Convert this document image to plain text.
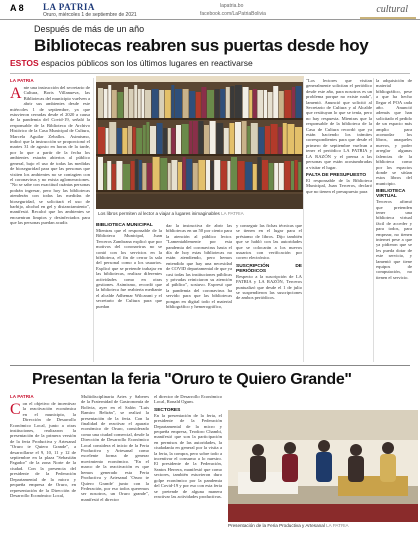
A 8 LA PATRIA
Oruro, miércoles 1 de septiembre de 2021
lapatria.bo
facebook.com/LaPatriaBolivia	cultural
Después de más de un año
Bibliotecas reabren sus puertas desde hoy
ESTOS espacios públicos son los últimos lugares en reactivarse
LA PATRIA
A nte una instrucción del secretario de Cultura, Boris Villanueva, las Bibliotecas del municipio vuelven a abrir sus ambientes desde este miércoles 1 de septiembre, ya que estuvieron cerradas desde el 2020 a causa de la pandemia del Covid-19, señaló la responsable de la Biblioteca de Archivo Histórico de la Casa Municipal de Cultura, Marcela Aguilar Zeballos. Asimismo, indicó que la instrucción se proporcionó el martes 31 de agosto en horas de la tarde, por lo que a partir de la fecha los ambientes estarán abiertos al público general, bajo el uso de todas las medidas de bioseguridad para que las personas que visiten los ambientes no se contagien con el coronavirus y no exista aglomeraciones. "No se sabe con exactitud cuántas personas podrán ingresar, pero hoy las bibliotecas atenderán con todas las medidas de bioseguridad, se solicitará el uso de barbijo, alcohol en gel y distanciamiento", manifestó. Recalcó que los ambientes se encuentran limpios y desinfectados para que las personas puedan acudir.
Los libros permiten al lector a viajar a lugares inimaginables LA PATRIA
BIBLIOTECA MUNICIPAL
Mientras que el responsable de la Biblioteca Municipal, Juan Terceros Zambrana explicó que por motivos del coronavirus no se contó con los servicios en la biblioteca, el fin de cerrar la sala del personal como a los usuarios. Explicó que se pretende trabajar en las bibliotecas, realizar diferentes actividades como en otras gestiones. Asimismo, recordó que la biblioteca fue reabierta mediante el alcalde Adhemar Wilcarani y el secretario de Cultura para que puedan
dar la instructiva de abrir las bibliotecas en un 50 por ciento para la atención al público lector. "Lamentablemente por esta pandemia del coronavirus hasta el día de hoy estas bibliotecas no están atendiendo, pero hemos entendido que hay una necesidad de COVID departamental de que ya casi todas las instituciones públicas y privadas reiniciaron su atención al público", sostuvo. Expresó que la pandemia del coronavirus ha servido para que las bibliotecas pongan en digital todo el material bibliográfico y hemerográfico,
y conseguir las fichas técnicas que se tienen en el lugar para el préstamo de libros. Dijo también que se habló con las autoridades que se colocarán a los nuevos usuarios con verificación por correo electrónico.
SUSCRIPCIÓN DE PERIÓDICOS
Respecto a la suscripción de LA PATRIA y LA RAZÓN, Terceros puntualizó que desde el 1 de julio se suspendieron las suscripciones de ambos periódicos.
"Los lectores que visitan generalmente solicitan el periódico desde este año, para nosotros es un problema porque no existe nada", lamentó. Anunció que solicitó al Secretario de Cultura y al Alcalde que restituyan lo que se tenía, pero no hay respuesta. Mientras que la responsable de la biblioteca de la Casa de Cultura recordó que ya están haciendo los trámites correspondientes para que desde el primero de septiembre vuelvan a tener el periódico LA PATRIA y LA RAZÓN y el prensa a las personas que están acostumbradas a visitar el lugar.
FALTA DE PRESUPUESTO
El responsable de la Biblioteca Municipal, Juan Terceros, declaró que no tienen el presupuesto para
la adquisición de material bibliográfico, pese a que ha hecho llegar el POA cada año. Anunció además que han solicitado el pedido de un espacio más amplio para acomodar los libros, anaqueles nuevos, y poder arreglar algunas falencias de la biblioteca como por los espacios donde se sitúan estos libros del municipio.
BIBLIOTECA VIRTUAL
Terceros afirmó que pretenden tener una biblioteca virtual fácil de acceder y para todos, para empezar, no tienen internet pese a que ya pidieron que se les pueda dotar de este servicio, y lamentó que tiene equipos de computación, no tienen el servicio.
Presentan la feria "Oruro te Quiero Grande"
LA PATRIA
C on el objetivo de incentivar la reactivación económica en el municipio, la Dirección de Desarrollo Económico Local, junto a otras instituciones, realizaron la presentación de la primera versión de la feria Productiva y Artesanal "Oruro te Quiero Grande", a desarrollarse el 9, 10, 11 y 12 de septiembre en la plaza "Sebastián Pagador" de la zona Norte de la ciudad. Con la presencia del presidente de la Federación Departamental de la micro y pequeña empresa de Oruro, en representación de la Dirección de Desarrollo Económico Local,
Multidisciplinaria Artes y Saberes de la Fraternidad de Gastronomía de Bolivia, ayer en el Salón "Luis Ramiro Beltrán", se realizó la presentación de la feria. Con la finalidad de reactivar el aparato económico de Oruro, considerado como una ciudad comercial, desde la Dirección de Desarrollo Económico Local considera el inicio de la Feria Productiva y Artesanal como excelente forma de generar movimiento económico. "En el marco de la reactivación es que hemos generado esta Feria Productiva y Artesanal 'Oruro te Quiero Grande' junto con la Federación, por eso todos queremos ser nosotros, un Oruro grande", manifestó el director
el director de Desarrollo Económico Local, Ronald Ogum.
SECTORES
En la presentación de la feria, el presidente de la Federación Departamental de la micro y pequeña empresa, Teodoro Chambi, manifestó que son la participación en permisos de las autoridades, la ciudadanía en general por la visita a la feria, la compra, pero sobre todo a incentivar el consumo a lo nuestro. El presidente de la Federación, Santos Herrera, manifestó que como sectores, también estuvieron duro golpe económico por la pandemia del Covid-19 y por eso con esta feria se pretende de alguna manera reactivar las actividades productivas.
Presentación de la Feria Productiva y Artesanal LA PATRIA
